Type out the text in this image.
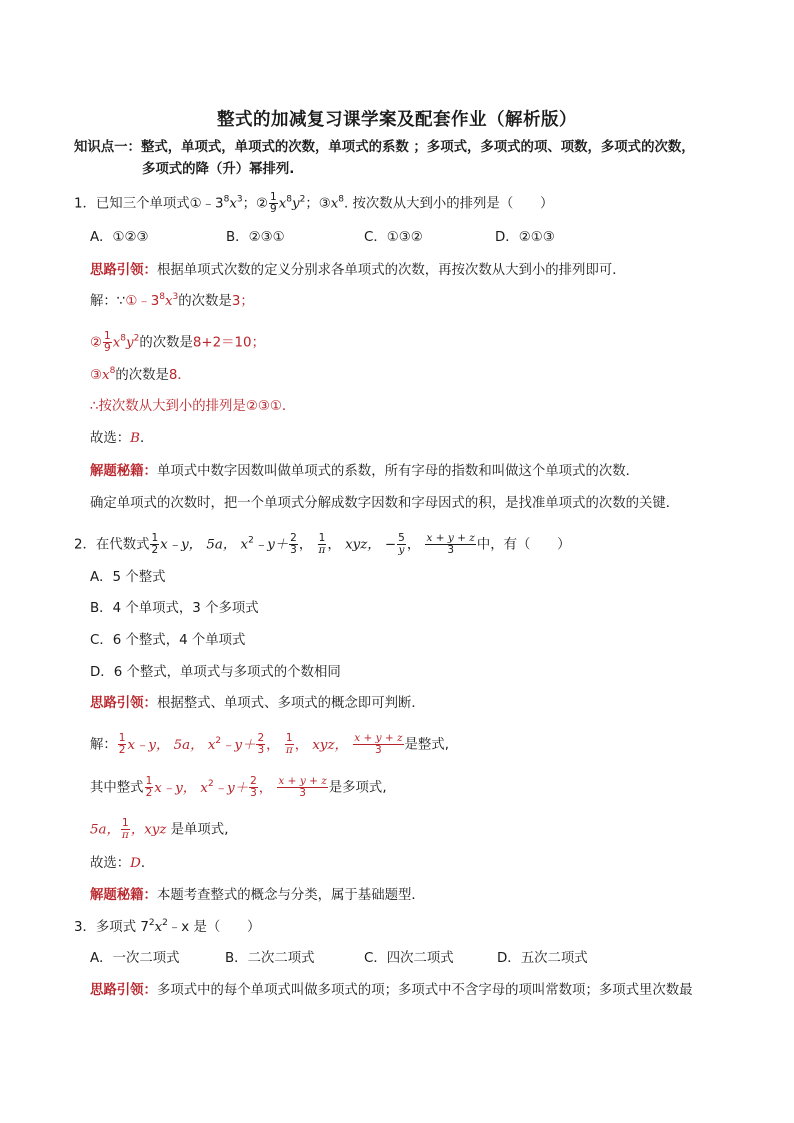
整式的加减复习课学案及配套作业（解析版）
知识点一：整式，单项式，单项式的次数，单项式的系数 ；多项式，多项式的项、项数，多项式的次数，
多项式的降（升）幂排列.
1．已知三个单项式$①﹣3^8x^3$；② $\frac{1}{9} x^8y^2$；$③x^8$. 按次数从大到小的排列是（　　）
A．①②③	B．②③①	C．①③②	D．②①③
思路引领：根据单项式次数的定义分别求各单项式的次数，再按次数从大到小的排列即可．
解：$\because ①﹣3^8x^3$的次数是3；
② $\frac{1}{9} x^8y^2$的次数是8+2＝10；
$③x^8$的次数是8．
∴按次数从大到小的排列是②③①．
故选：B．
解题秘籍：单项式中数字因数叫做单项式的系数，所有字母的指数和叫做这个单项式的次数．
确定单项式的次数时，把一个单项式分解成数字因数和字母因式的积，是找准单项式的次数的关键．
2．在代数式 $\frac{1}{2}$ x﹣y， 5a， $x^2﹣y+ \frac{2}{3}$ ， $\frac{1}{\pi}$ ， xyz， − $\frac{5}{y}$ ， $\frac{x + y + z}{3}$ 中，有（　　）
A．5 个整式
B．4 个单项式，3 个多项式
C．6 个整式，4 个单项式
D．6 个整式，单项式与多项式的个数相同
思路引领：根据整式、单项式、多项式的概念即可判断．
解： $\frac{1}{2}$ x﹣y， 5a， $x^2﹣y+ \frac{2}{3}$ ， $\frac{1}{\pi}$ ， xyz， $\frac{x + y + z}{3}$ 是整式,
其中整式 $\frac{1}{2}$ x﹣y， $x^2﹣y+ \frac{2}{3}$ ， $\frac{x + y + z}{3}$ 是多项式,
5a， $\frac{1}{\pi}$ ，xyz 是单项式,
故选：D．
解题秘籍：本题考查整式的概念与分类，属于基础题型．
3．多项式 $7^2x^2﹣x$ 是（　　）
A．一次二项式	B．二次二项式	C．四次二项式	D．五次二项式
思路引领：多项式中的每个单项式叫做多项式的项；多项式中不含字母的项叫常数项；多项式里次数最
